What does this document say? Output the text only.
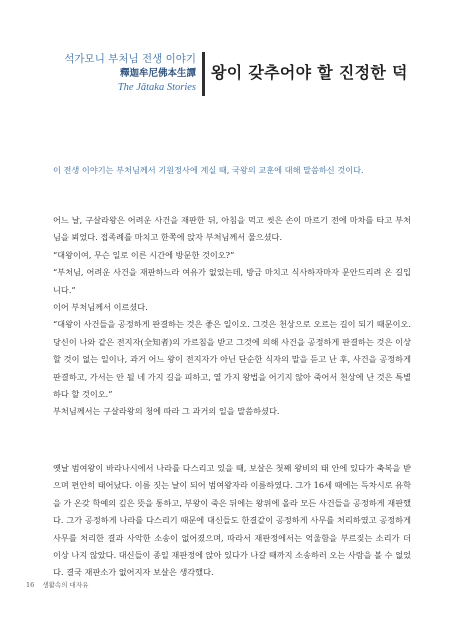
석가모니 부처님 전생 이야기
釋迦牟尼佛本生譚
The Jātaka Stories
왕이 갖추어야 할 진정한 덕

이 전생 이야기는 부처님께서 기원정사에 계실 때, 국왕의 교훈에 대해 말씀하신 것이다.

어느 날, 구살라왕은 어려운 사건을 재판한 뒤, 아침을 먹고 씻은 손이 마르기 전에 마차를 타고 부처님을 뵈었다. 접족례를 마치고 한쪽에 앉자 부처님께서 물으셨다.

“대왕이여, 무슨 일로 이른 시간에 방문한 것이오?”

“부처님, 어려운 사건을 재판하느라 여유가 없었는데, 방금 마치고 식사하자마자 문안드리려 온 길입니다.”

이어 부처님께서 이르셨다.

“대왕이 사건들을 공정하게 판결하는 것은 좋은 일이오. 그것은 천상으로 오르는 길이 되기 때문이오. 당신이 나와 같은 전지자(全知者)의 가르침을 받고 그것에 의해 사건을 공정하게 판결하는 것은 이상할 것이 없는 일이나, 과거 어느 왕이 전지자가 아닌 단순한 식자의 말을 듣고 난 후, 사건을 공정하게 판결하고, 가서는 안 될 네 가지 길을 피하고, 열 가지 왕법을 어기지 않아 죽어서 천상에 난 것은 특별하다 할 것이오.”

부처님께서는 구살라왕의 청에 따라 그 과거의 일을 말씀하셨다.

옛날 범여왕이 바라나시에서 나라를 다스리고 있을 때, 보살은 첫째 왕비의 태 안에 있다가 축복을 받으며 편안히 태어났다. 이름 짓는 날이 되어 범여왕자라 이름하였다. 그가 16세 때에는 득차시로 유학을 가 온갖 학예의 깊은 뜻을 통하고, 부왕이 죽은 뒤에는 왕위에 올라 모든 사건들을 공정하게 재판했다. 그가 공정하게 나라를 다스리기 때문에 대신들도 한결같이 공정하게 사무를 처리하였고 공정하게 사무를 처리한 결과 사악한 소송이 없어졌으며, 따라서 재판정에서는 억울함을 부르짖는 소리가 더 이상 나지 않았다. 대신들이 종일 재판정에 앉아 있다가 나갈 때까지 소송하러 오는 사람을 볼 수 없었다. 결국 재판소가 없어지자 보살은 생각했다.

16 생활속의 대자유
